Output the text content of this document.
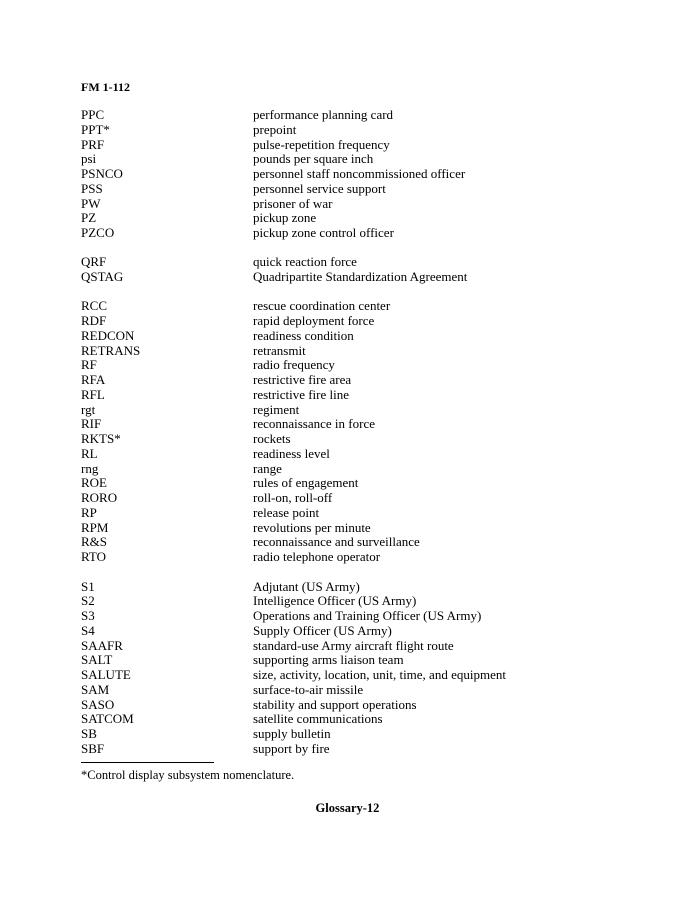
FM 1-112
PPC	performance planning card
PPT*	prepoint
PRF	pulse-repetition frequency
psi	pounds per square inch
PSNCO	personnel staff noncommissioned officer
PSS	personnel service support
PW	prisoner of war
PZ	pickup zone
PZCO	pickup zone control officer
QRF	quick reaction force
QSTAG	Quadripartite Standardization Agreement
RCC	rescue coordination center
RDF	rapid deployment force
REDCON	readiness condition
RETRANS	retransmit
RF	radio frequency
RFA	restrictive fire area
RFL	restrictive fire line
rgt	regiment
RIF	reconnaissance in force
RKTS*	rockets
RL	readiness level
rng	range
ROE	rules of engagement
RORO	roll-on, roll-off
RP	release point
RPM	revolutions per minute
R&S	reconnaissance and surveillance
RTO	radio telephone operator
S1	Adjutant (US Army)
S2	Intelligence Officer (US Army)
S3	Operations and Training Officer (US Army)
S4	Supply Officer (US Army)
SAAFR	standard-use Army aircraft flight route
SALT	supporting arms liaison team
SALUTE	size, activity, location, unit, time, and equipment
SAM	surface-to-air missile
SASO	stability and support operations
SATCOM	satellite communications
SB	supply bulletin
SBF	support by fire
*Control display subsystem nomenclature.
Glossary-12
